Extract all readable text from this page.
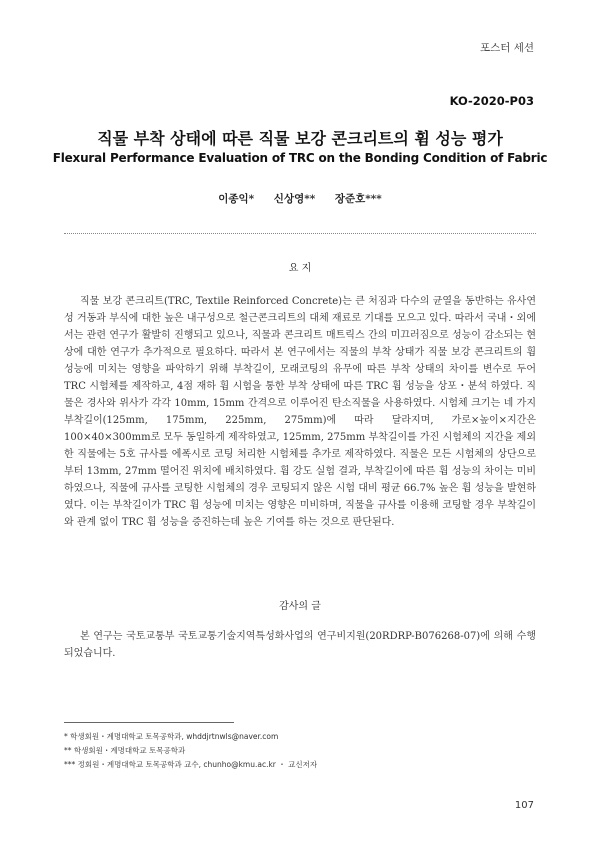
포스터 세션
KO-2020-P03
직물 부착 상태에 따른 직물 보강 콘크리트의 휨 성능 평가
Flexural Performance Evaluation of TRC on the Bonding Condition of Fabric
이종익* 신상영** 장준호***
요 지

직물 보강 콘크리트(TRC, Textile Reinforced Concrete)는 큰 처짐과 다수의 균열을 동반하는 유사연성 거동과 부식에 대한 높은 내구성으로 철근콘크리트의 대체 재료로 기대를 모으고 있다. 따라서 국내・외에서는 관련 연구가 활발히 진행되고 있으나, 직물과 콘크리트 매트릭스 간의 미끄러짐으로 성능이 감소되는 현상에 대한 연구가 추가적으로 필요하다. 따라서 본 연구에서는 직물의 부착 상태가 직물 보강 콘크리트의 휨 성능에 미치는 영향을 파악하기 위해 부착길이, 모래코팅의 유무에 따른 부착 상태의 차이를 변수로 두어 TRC 시험체를 제작하고, 4점 재하 휨 시험을 통한 부착 상태에 따른 TRC 휨 성능을 상포・분석 하였다. 직물은 경사와 위사가 각각 10mm, 15mm 간격으로 이루어진 탄소직물을 사용하였다. 시험체 크기는 네 가지 부착길이(125mm, 175mm, 225mm, 275mm)에 따라 달라지며, 가로×높이×지간은 100×40×300mm로 모두 동일하게 제작하였고, 125mm, 275mm 부착길이를 가진 시험체의 지간을 제외한 직물에는 5호 규사를 에폭시로 코팅 처리한 시험체를 추가로 제작하였다. 직물은 모든 시험체의 상단으로부터 13mm, 27mm 떨어진 위치에 배치하였다. 휨 강도 실험 결과, 부착길이에 따른 휨 성능의 차이는 미비하였으나, 직물에 규사를 코팅한 시험체의 경우 코팅되지 않은 시험 대비 평균 66.7% 높은 휨 성능을 발현하였다. 이는 부착길이가 TRC 휨 성능에 미치는 영향은 미비하며, 직물을 규사를 이용해 코팅할 경우 부착길이와 관계 없이 TRC 휨 성능을 증진하는데 높은 기여를 하는 것으로 판단된다.

감사의 글

본 연구는 국토교통부 국토교통기술지역특성화사업의 연구비지원(20RDRP-B076268-07)에 의해 수행되었습니다.

* 학생회원・계명대학교 토목공학과, whddjrtnwls@naver.com
** 학생회원・계명대학교 토목공학과
*** 정회원・계명대학교 토목공학과 교수, chunho@kmu.ac.kr ・ 교신저자
107
